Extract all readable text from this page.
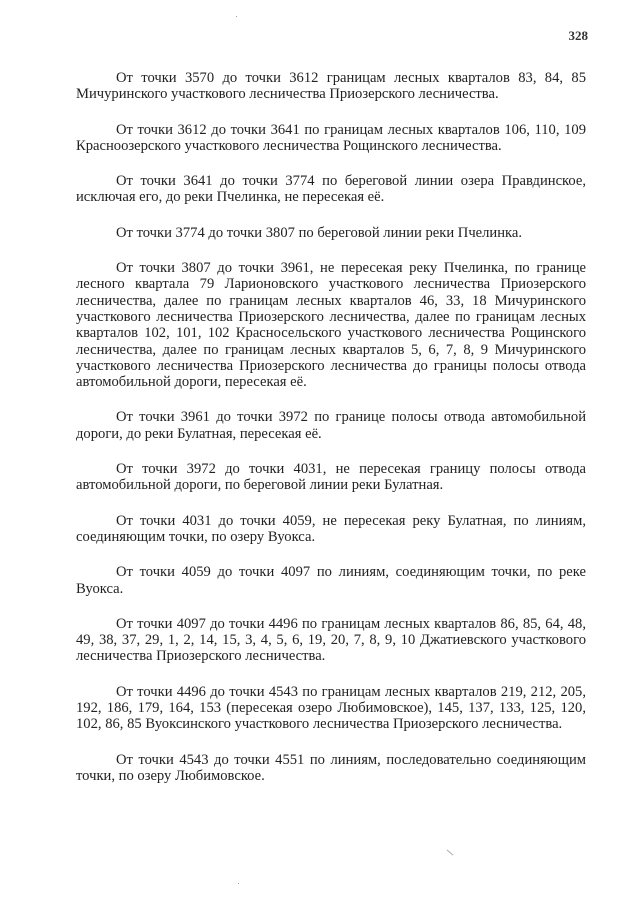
328

От точки 3570 до точки 3612 границам лесных кварталов 83, 84, 85 Мичуринского участкового лесничества Приозерского лесничества.

От точки 3612 до точки 3641 по границам лесных кварталов 106, 110, 109 Красноозерского участкового лесничества Рощинского лесничества.

От точки 3641 до точки 3774 по береговой линии озера Правдинское, исключая его, до реки Пчелинка, не пересекая её.

От точки 3774 до точки 3807 по береговой линии реки Пчелинка.

От точки 3807 до точки 3961, не пересекая реку Пчелинка, по границе лесного квартала 79 Ларионовского участкового лесничества Приозерского лесничества, далее по границам лесных кварталов 46, 33, 18 Мичуринского участкового лесничества Приозерского лесничества, далее по границам лесных кварталов 102, 101, 102 Красносельского участкового лесничества Рощинского лесничества, далее по границам лесных кварталов 5, 6, 7, 8, 9 Мичуринского участкового лесничества Приозерского лесничества до границы полосы отвода автомобильной дороги, пересекая её.

От точки 3961 до точки 3972 по границе полосы отвода автомобильной дороги, до реки Булатная, пересекая её.

От точки 3972 до точки 4031, не пересекая границу полосы отвода автомобильной дороги, по береговой линии реки Булатная.

От точки 4031 до точки 4059, не пересекая реку Булатная, по линиям, соединяющим точки, по озеру Вуокса.

От точки 4059 до точки 4097 по линиям, соединяющим точки, по реке Вуокса.

От точки 4097 до точки 4496 по границам лесных кварталов 86, 85, 64, 48, 49, 38, 37, 29, 1, 2, 14, 15, 3, 4, 5, 6, 19, 20, 7, 8, 9, 10 Джатиевского участкового лесничества Приозерского лесничества.

От точки 4496 до точки 4543 по границам лесных кварталов 219, 212, 205, 192, 186, 179, 164, 153 (пересекая озеро Любимовское), 145, 137, 133, 125, 120, 102, 86, 85 Вуоксинского участкового лесничества Приозерского лесничества.

От точки 4543 до точки 4551 по линиям, последовательно соединяющим точки, по озеру Любимовское.
